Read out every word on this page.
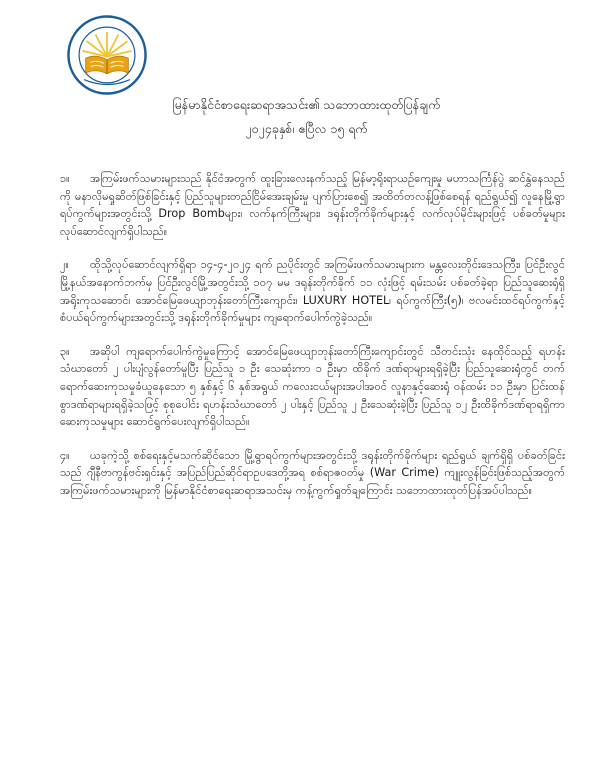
မြန်မာနိုင်ငံစာရေးဆရာအသင်း၏ သဘောထားထုတ်ပြန်ချက်
၂၀၂၄ခုနှစ်၊ ဧပြီလ ၁၅ ရက်

၁။ အကြမ်းဖက်သမားများသည် နိုင်ငံအတွက် ထူးခြားလေးနက်သည့် မြန်မာ့ရိုးရာယဉ်ကျေးမှု မဟာသင်္ကြန်ပွဲ ဆင်နွှဲနေသည်ကို မနာလိုမရှုဆိတ်ဖြစ်ခြင်းနှင့် ပြည်သူများတည်ငြိမ်အေးချမ်းမှု ပျက်ပြားစေ၍ အထိတ်တလန့်ဖြစ်စေရန် ရည်ရွယ်၍ လူနေမြို့ရွာရပ်ကွက်များအတွင်းသို့ Drop Bombများ၊ လက်နက်ကြီးများ၊ ဒရုန်းတိုက်ခိုက်များနှင့် လက်လုပ်မိုင်းများဖြင့် ပစ်ခတ်မှုများ လုပ်ဆောင်လျက်ရှိပါသည်။

၂။ ထိုသို့လုပ်ဆောင်လျက်ရှိရာ ၁၄-၄-၂၀၂၄ ရက် ညပိုင်းတွင် အကြမ်းဖက်သမားများက မန္တလေးတိုင်းဒေသကြီး၊ ပြင်ဦးလွင်မြို့နယ်အနောက်ဘက်မှ ပြင်ဦးလွင်မြို့အတွင်းသို့ ၁၀၇ မမ ဒရုန်းတိုက်ခိုက် ၁၁ လုံးဖြင့် ရမ်းသမ်း ပစ်ခတ်ခဲ့ရာ ပြည်သူဆေးရုံရှိ အရိုးကုသဆောင်၊ အောင်မြေဖေယျာဘုန်းတော်ကြီးကျောင်း၊ LUXURY HOTEL၊ ရပ်ကွက်ကြီး(၅)၊ ဗလမင်းထင်ရပ်ကွက်နှင့် စံပယ်ရပ်ကွက်များအတွင်းသို့ ဒရုန်းတိုက်ခိုက်မှုများ ကျရောက်ပေါက်ကွဲခဲ့သည်။

၃။ အဆိုပါ ကျရောက်ပေါက်ကွဲမှုကြောင့် အောင်မြေဖေယျာဘုန်းတော်ကြီးကျောင်းတွင် သီတင်းသုံး နေထိုင်သည့် ရဟန်းသံဃာတော် ၂ ပါးပျံလွန်တော်မူပြီး ပြည်သူ ၁ ဦး သေဆုံးကာ ၁ ဦးမှာ ထိခိုက် ဒဏ်ရာများရရှိခဲ့ပြီး ပြည်သူဆေးရုံတွင် တက်ရောက်ဆေးကုသမှုခံယူနေသော ၅ နှစ်နှင့် ၆ နှစ်အရွယ် ကလေးငယ်များအပါအဝင် လူနာနှင့်ဆေးရုံ ဝန်ထမ်း ၁၁ ဦးမှာ ပြင်းထန်စွာဒဏ်ရာများရရှိခဲ့သဖြင့် စုစုပေါင်း ရဟန်းသံဃာတော် ၂ ပါးနှင့် ပြည်သူ ၂ ဦးသေဆုံးခဲ့ပြီး ပြည်သူ ၁၂ ဦးထိခိုက်ဒဏ်ရာရရှိကာ ဆေးကုသမှုများ ဆောင်ရွက်ပေးလျက်ရှိပါသည်။

၄။ ယခုကဲ့သို့ စစ်ရေးနှင့်မသက်ဆိုင်သော မြို့ရွာရပ်ကွက်များအတွင်းသို့ ဒရုန်းတိုက်ခိုက်များ ရည်ရွယ် ချက်ရှိရှိ ပစ်ခတ်ခြင်းသည် ဂျီနီဗာကွန်ဗင်းရှင်းနှင့် အပြည်ပြည်ဆိုင်ရာဥပဒေတို့အရ စစ်ရာဇဝတ်မှု (War Crime) ကျူးလွန်ခြင်းဖြစ်သည့်အတွက် အကြမ်းဖက်သမားများကို မြန်မာနိုင်ငံစာရေးဆရာအသင်းမှ ကန့်ကွက်ရှုတ်ချကြောင်း သဘောထားထုတ်ပြန်အပ်ပါသည်။
